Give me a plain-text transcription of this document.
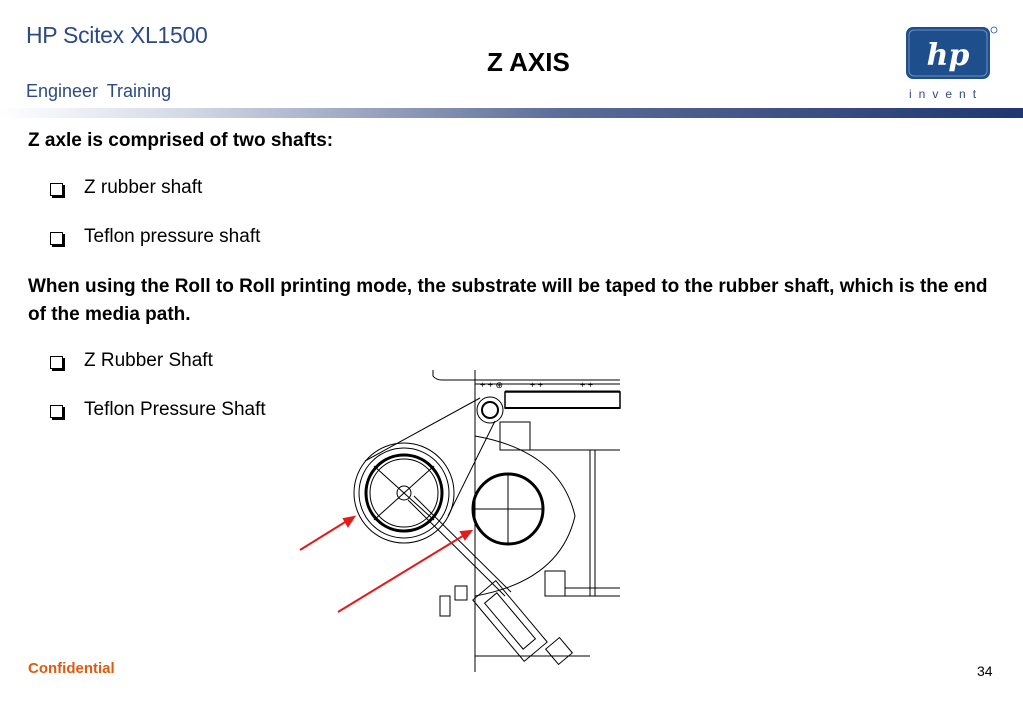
HP Scitex XL1500
Engineer Training
Z AXIS	hp
invent
Z axle is comprised of two shafts:
Z rubber shaft
Teflon pressure shaft
When using the Roll to Roll printing mode, the substrate will be taped to the rubber shaft, which is the end of the media path.
Z Rubber Shaft
Teflon Pressure Shaft
+ + ⊕	+ +	+ +
Confidential	34
